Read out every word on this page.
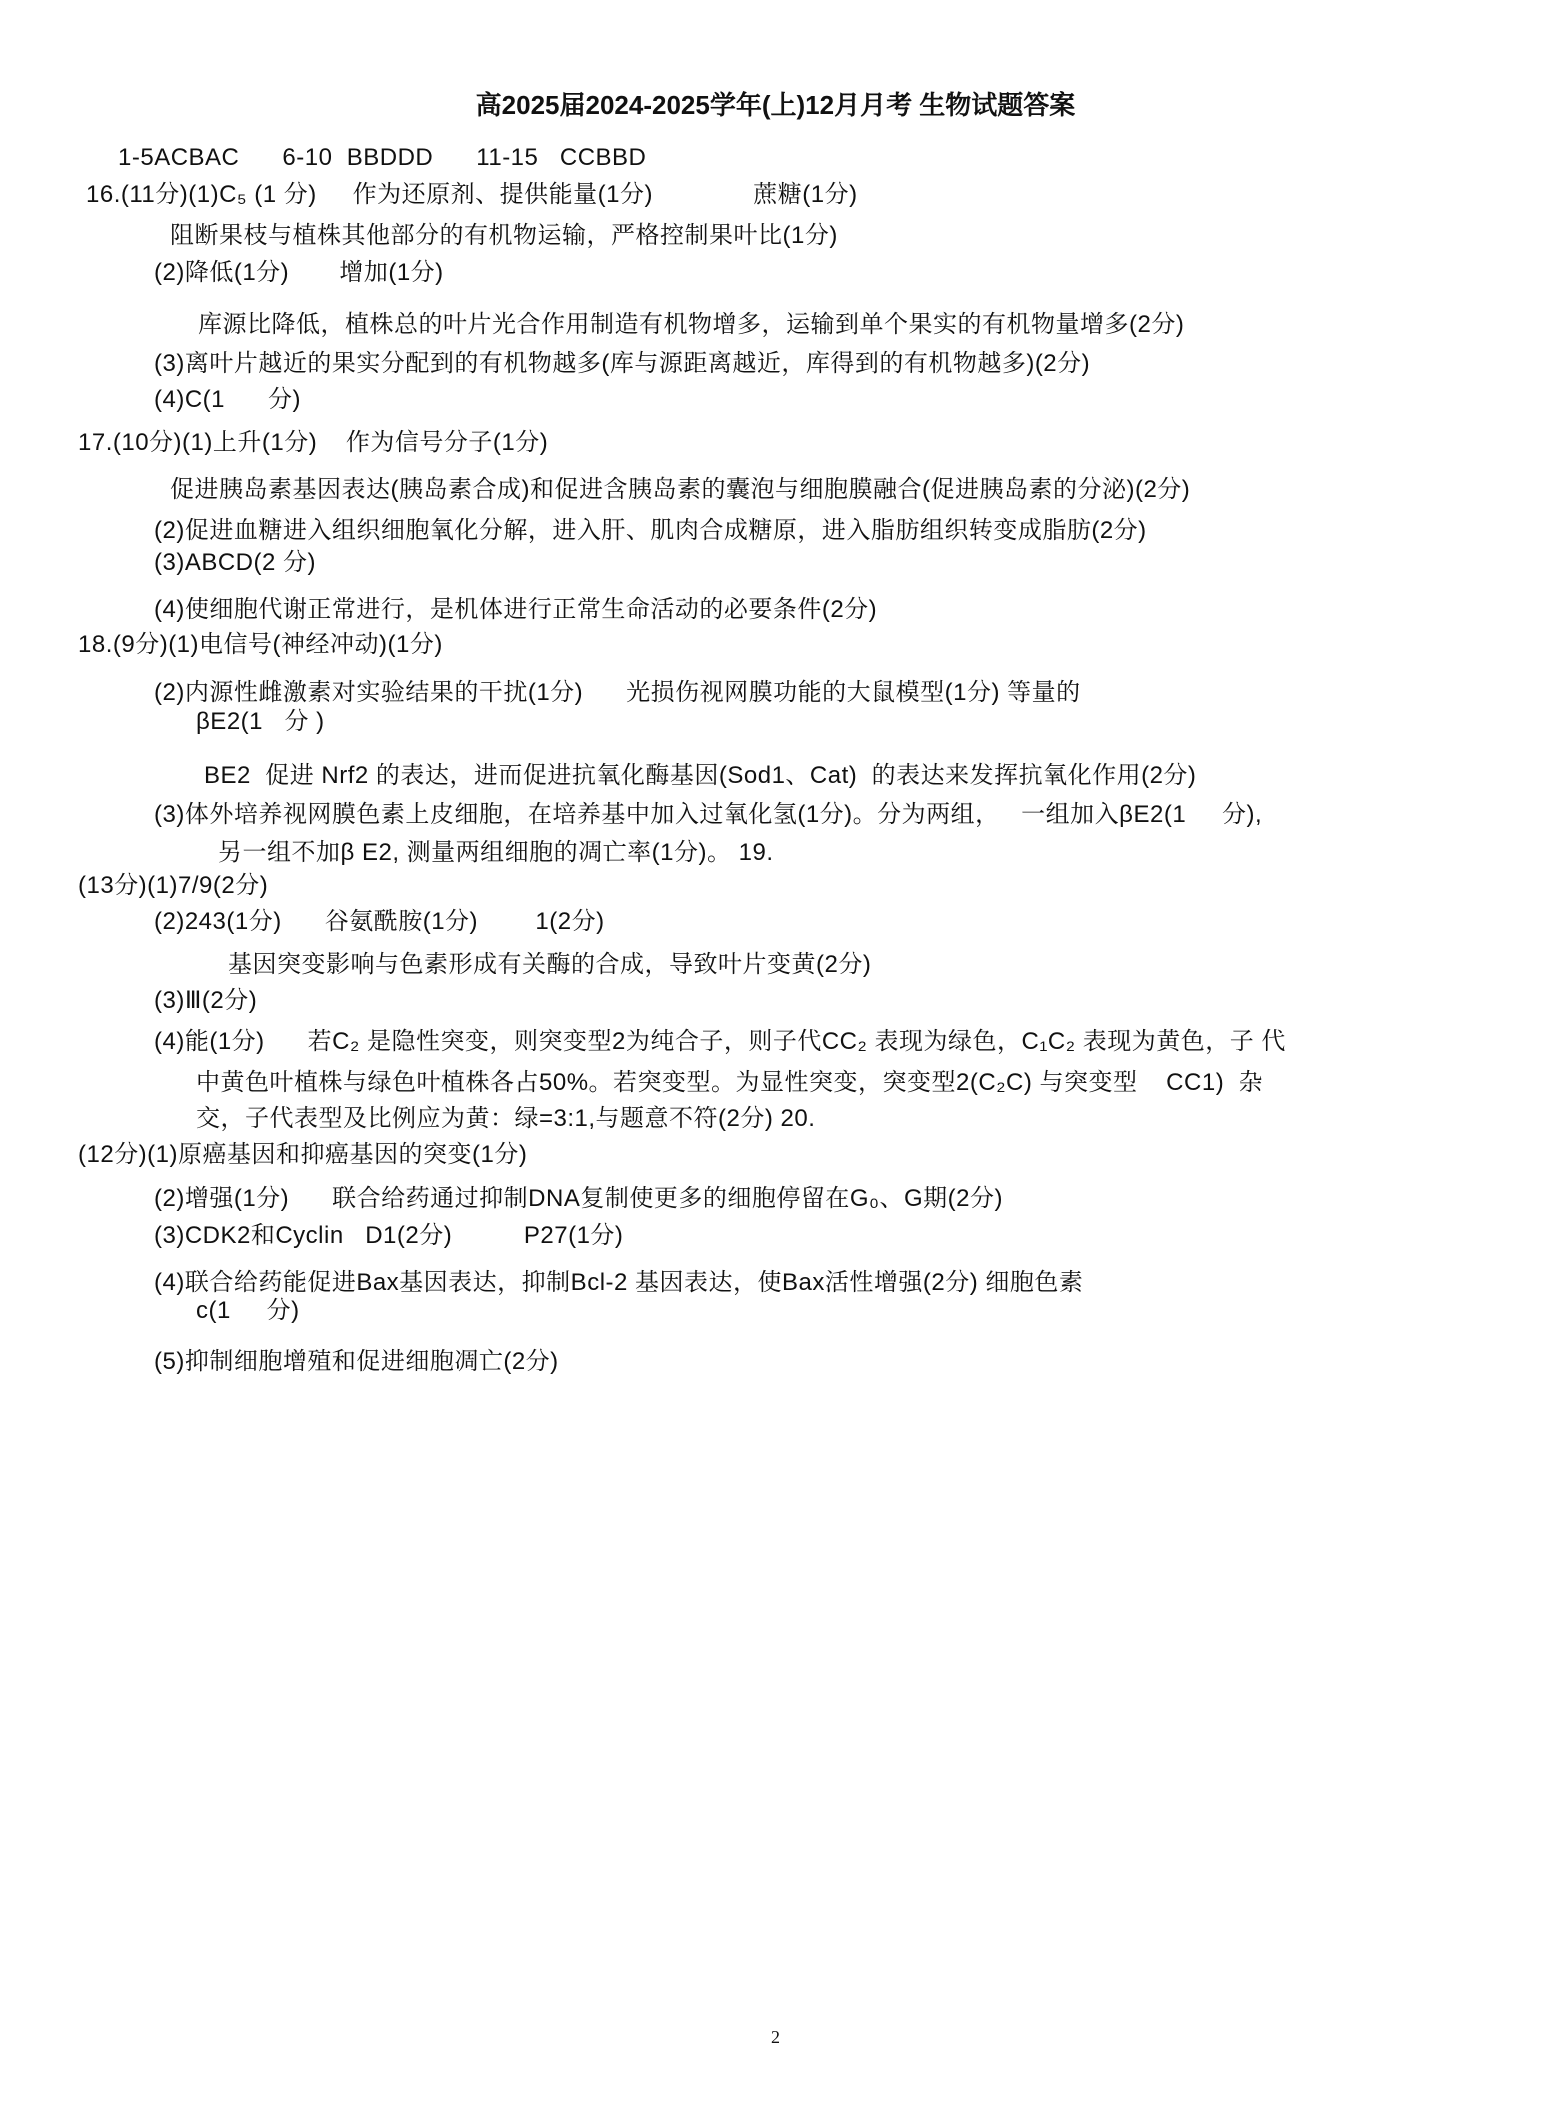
高2025届2024-2025学年(上)12月月考 生物试题答案
1-5ACBAC      6-10  BBDDD      11-15   CCBBD
16.(11分)(1)C₅ (1 分)     作为还原剂、提供能量(1分)              蔗糖(1分)
阻断果枝与植株其他部分的有机物运输，严格控制果叶比(1分)
(2)降低(1分)       增加(1分)
库源比降低，植株总的叶片光合作用制造有机物增多，运输到单个果实的有机物量增多(2分)
(3)离叶片越近的果实分配到的有机物越多(库与源距离越近，库得到的有机物越多)(2分)
(4)C(1      分)
17.(10分)(1)上升(1分)    作为信号分子(1分)
促进胰岛素基因表达(胰岛素合成)和促进含胰岛素的囊泡与细胞膜融合(促进胰岛素的分泌)(2分)
(2)促进血糖进入组织细胞氧化分解，进入肝、肌肉合成糖原，进入脂肪组织转变成脂肪(2分)
(3)ABCD(2 分)
(4)使细胞代谢正常进行，是机体进行正常生命活动的必要条件(2分)
18.(9分)(1)电信号(神经冲动)(1分)
(2)内源性雌激素对实验结果的干扰(1分)      光损伤视网膜功能的大鼠模型(1分) 等量的
βE2(1   分 )
BE2  促进 Nrf2 的表达，进而促进抗氧化酶基因(Sod1、Cat)  的表达来发挥抗氧化作用(2分)
(3)体外培养视网膜色素上皮细胞，在培养基中加入过氧化氢(1分)。分为两组，   一组加入βE2(1     分),
另一组不加β E2, 测量两组细胞的凋亡率(1分)。 19.
(13分)(1)7/9(2分)
(2)243(1分)      谷氨酰胺(1分)        1(2分)
基因突变影响与色素形成有关酶的合成，导致叶片变黄(2分)
(3)Ⅲ(2分)
(4)能(1分)      若C₂ 是隐性突变，则突变型2为纯合子，则子代CC₂ 表现为绿色，C₁C₂ 表现为黄色，子 代
中黄色叶植株与绿色叶植株各占50%。若突变型。为显性突变，突变型2(C₂C) 与突变型    CC1)  杂
交，子代表型及比例应为黄：绿=3:1,与题意不符(2分) 20.
(12分)(1)原癌基因和抑癌基因的突变(1分)
(2)增强(1分)      联合给药通过抑制DNA复制使更多的细胞停留在G₀、G期(2分)
(3)CDK2和Cyclin   D1(2分)          P27(1分)
(4)联合给药能促进Bax基因表达，抑制Bcl-2 基因表达，使Bax活性增强(2分) 细胞色素
c(1     分)
(5)抑制细胞增殖和促进细胞凋亡(2分)
2
